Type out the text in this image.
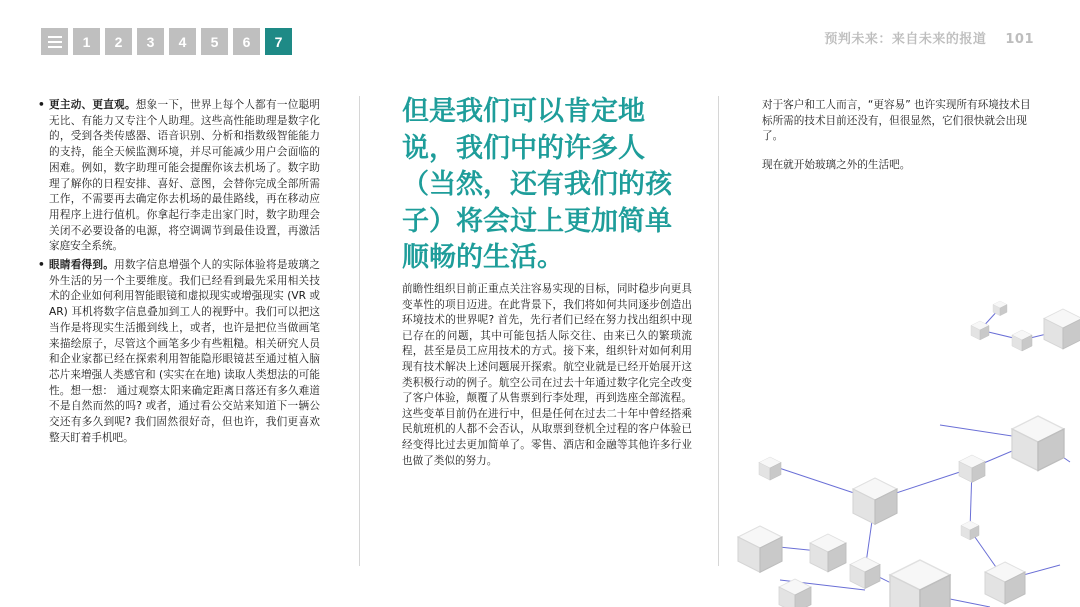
1	2	3	4	5	6	7	预判未来：来自未来的报道 101
• 更主动、更直观。想象一下，世界上每个人都有一位聪明无比、有能力又专注个人助理。这些高性能助理是数字化的，受到各类传感器、语音识别、分析和指数级智能能力的支持，能全天候监测环境，并尽可能减少用户会面临的困难。例如，数字助理可能会提醒你该去机场了。数字助理了解你的日程安排、喜好、意图，会替你完成全部所需工作，不需要再去确定你去机场的最佳路线，再在移动应用程序上进行值机。你拿起行李走出家门时，数字助理会关闭不必要设备的电源，将空调调节到最佳设置，再激活家庭安全系统。
• 眼睛看得到。用数字信息增强个人的实际体验将是玻璃之外生活的另一个主要维度。我们已经看到最先采用相关技术的企业如何利用智能眼镜和虚拟现实或增强现实 (VR 或 AR) 耳机将数字信息叠加到工人的视野中。我们可以把这当作是将现实生活搬到线上，或者，也许是把位当做画笔来描绘原子，尽管这个画笔多少有些粗糙。相关研究人员和企业家都已经在探索利用智能隐形眼镜甚至通过植入脑芯片来増强人类感官和 (实实在在地) 读取人类想法的可能性。想一想： 通过观察太阳来确定距离日落还有多久难道不是自然而然的吗? 或者，通过看公交站来知道下一辆公交还有多久到呢? 我们固然很好奇，但也许，我们更喜欢整天盯着手机吧。
但是我们可以肯定地说，我们中的许多人（当然，还有我们的孩子）将会过上更加简单顺畅的生活。
前瞻性组织目前正重点关注容易实现的目标，同时稳步向更具变革性的项目迈进。在此背景下，我们将如何共同逐步创造出环境技术的世界呢? 首先，先行者们已经在努力找出组织中现已存在的问题，其中可能包括人际交往、由来已久的繁琐流程，甚至是员工应用技术的方式。接下来，组织针对如何利用现有技术解决上述问题展开探索。航空业就是已经开始展开这类积极行动的例子。航空公司在过去十年通过数字化完全改变了客户体验，颠覆了从售票到行李处理，再到选座全部流程。这些变革目前仍在进行中，但是任何在过去二十年中曾经搭乘民航班机的人都不会否认，从取票到登机全过程的客户体验已经变得比过去更加简单了。零售、酒店和金融等其他许多行业也做了类似的努力。

对于客户和工人而言，“更容易” 也许实现所有环境技术目标所需的技术目前还没有，但很显然，它们很快就会出现了。

现在就开始玻璃之外的生活吧。
